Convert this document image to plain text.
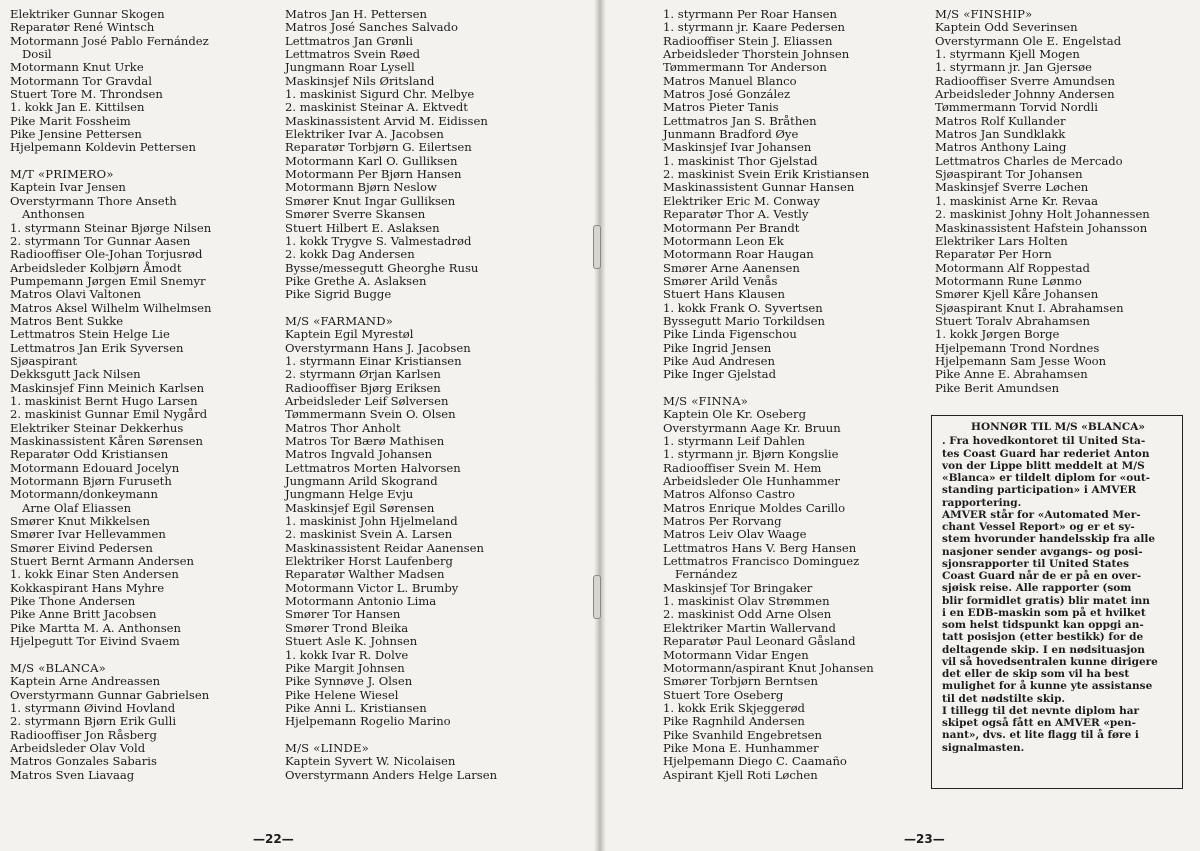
Elektriker Gunnar Skogen
Reparatør René Wintsch
Motormann José Pablo Fernández
Dosil
Motormann Knut Urke
Motormann Tor Gravdal
Stuert Tore M. Throndsen
1. kokk Jan E. Kittilsen
Pike Marit Fossheim
Pike Jensine Pettersen
Hjelpemann Koldevin Pettersen
M/T «PRIMERO»
Kaptein Ivar Jensen
Overstyrmann Thore Anseth
Anthonsen
1. styrmann Steinar Bjørge Nilsen
2. styrmann Tor Gunnar Aasen
Radiooffiser Ole-Johan Torjusrød
Arbeidsleder Kolbjørn Åmodt
Pumpemann Jørgen Emil Snemyr
Matros Olavi Valtonen
Matros Aksel Wilhelm Wilhelmsen
Matros Bent Sukke
Lettmatros Stein Helge Lie
Lettmatros Jan Erik Syversen
Sjøaspirant
Dekksgutt Jack Nilsen
Maskinsjef Finn Meinich Karlsen
1. maskinist Bernt Hugo Larsen
2. maskinist Gunnar Emil Nygård
Elektriker Steinar Dekkerhus
Maskinassistent Kåren Sørensen
Reparatør Odd Kristiansen
Motormann Edouard Jocelyn
Motormann Bjørn Furuseth
Motormann/donkeymann
Arne Olaf Eliassen
Smører Knut Mikkelsen
Smører Ivar Hellevammen
Smører Eivind Pedersen
Stuert Bernt Armann Andersen
1. kokk Einar Sten Andersen
Kokkaspirant Hans Myhre
Pike Thone Andersen
Pike Anne Britt Jacobsen
Pike Martta M. A. Anthonsen
Hjelpegutt Tor Eivind Svaem
M/S «BLANCA»
Kaptein Arne Andreassen
Overstyrmann Gunnar Gabrielsen
1. styrmann Øivind Hovland
2. styrmann Bjørn Erik Gulli
Radiooffiser Jon Råsberg
Arbeidsleder Olav Vold
Matros Gonzales Sabaris
Matros Sven Liavaag
Matros Jan H. Pettersen
Matros José Sanches Salvado
Lettmatros Jan Grønli
Lettmatros Svein Røed
Jungmann Roar Lysell
Maskinsjef Nils Øritsland
1. maskinist Sigurd Chr. Melbye
2. maskinist Steinar A. Ektvedt
Maskinassistent Arvid M. Eidissen
Elektriker Ivar A. Jacobsen
Reparatør Torbjørn G. Eilertsen
Motormann Karl O. Gulliksen
Motormann Per Bjørn Hansen
Motormann Bjørn Neslow
Smører Knut Ingar Gulliksen
Smører Sverre Skansen
Stuert Hilbert E. Aslaksen
1. kokk Trygve S. Valmestadrød
2. kokk Dag Andersen
Bysse/messegutt Gheorghe Rusu
Pike Grethe A. Aslaksen
Pike Sigrid Bugge
M/S «FARMAND»
Kaptein Egil Myrestøl
Overstyrmann Hans J. Jacobsen
1. styrmann Einar Kristiansen
2. styrmann Ørjan Karlsen
Radiooffiser Bjørg Eriksen
Arbeidsleder Leif Sølversen
Tømmermann Svein O. Olsen
Matros Thor Anholt
Matros Tor Bærø Mathisen
Matros Ingvald Johansen
Lettmatros Morten Halvorsen
Jungmann Arild Skogrand
Jungmann Helge Evju
Maskinsjef Egil Sørensen
1. maskinist John Hjelmeland
2. maskinist Svein A. Larsen
Maskinassistent Reidar Aanensen
Elektriker Horst Laufenberg
Reparatør Walther Madsen
Motormann Victor L. Brumby
Motormann Antonio Lima
Smører Tor Hansen
Smører Trond Bleika
Stuert Asle K. Johnsen
1. kokk Ivar R. Dolve
Pike Margit Johnsen
Pike Synnøve J. Olsen
Pike Helene Wiesel
Pike Anni L. Kristiansen
Hjelpemann Rogelio Marino
M/S «LINDE»
Kaptein Syvert W. Nicolaisen
Overstyrmann Anders Helge Larsen
1. styrmann Per Roar Hansen
1. styrmann jr. Kaare Pedersen
Radiooffiser Stein J. Eliassen
Arbeidsleder Thorstein Johnsen
Tømmermann Tor Anderson
Matros Manuel Blanco
Matros José González
Matros Pieter Tanis
Lettmatros Jan S. Bråthen
Junmann Bradford Øye
Maskinsjef Ivar Johansen
1. maskinist Thor Gjelstad
2. maskinist Svein Erik Kristiansen
Maskinassistent Gunnar Hansen
Elektriker Eric M. Conway
Reparatør Thor A. Vestly
Motormann Per Brandt
Motormann Leon Ek
Motormann Roar Haugan
Smører Arne Aanensen
Smører Arild Venås
Stuert Hans Klausen
1. kokk Frank O. Syvertsen
Byssegutt Mario Torkildsen
Pike Linda Figenschou
Pike Ingrid Jensen
Pike Aud Andresen
Pike Inger Gjelstad
M/S «FINNA»
Kaptein Ole Kr. Oseberg
Overstyrmann Aage Kr. Bruun
1. styrmann Leif Dahlen
1. styrmann jr. Bjørn Kongslie
Radiooffiser Svein M. Hem
Arbeidsleder Ole Hunhammer
Matros Alfonso Castro
Matros Enrique Moldes Carillo
Matros Per Rorvang
Matros Leiv Olav Waage
Lettmatros Hans V. Berg Hansen
Lettmatros Francisco Dominguez
Fernández
Maskinsjef Tor Bringaker
1. maskinist Olav Strømmen
2. maskinist Odd Arne Olsen
Elektriker Martin Wallervand
Reparatør Paul Leonard Gåsland
Motormann Vidar Engen
Motormann/aspirant Knut Johansen
Smører Torbjørn Berntsen
Stuert Tore Oseberg
1. kokk Erik Skjeggerød
Pike Ragnhild Andersen
Pike Svanhild Engebretsen
Pike Mona E. Hunhammer
Hjelpemann Diego C. Caamaño
Aspirant Kjell Roti Løchen
M/S «FINSHIP»
Kaptein Odd Severinsen
Overstyrmann Ole E. Engelstad
1. styrmann Kjell Mogen
1. styrmann jr. Jan Gjersøe
Radiooffiser Sverre Amundsen
Arbeidsleder Johnny Andersen
Tømmermann Torvid Nordli
Matros Rolf Kullander
Matros Jan Sundklakk
Matros Anthony Laing
Lettmatros Charles de Mercado
Sjøaspirant Tor Johansen
Maskinsjef Sverre Løchen
1. maskinist Arne Kr. Revaa
2. maskinist Johny Holt Johannessen
Maskinassistent Hafstein Johansson
Elektriker Lars Holten
Reparatør Per Horn
Motormann Alf Roppestad
Motormann Rune Lønmo
Smører Kjell Kåre Johansen
Sjøaspirant Knut I. Abrahamsen
Stuert Toralv Abrahamsen
1. kokk Jørgen Borge
Hjelpemann Trond Nordnes
Hjelpemann Sam Jesse Woon
Pike Anne E. Abrahamsen
Pike Berit Amundsen
HONNØR TIL M/S «BLANCA»

. Fra hovedkontoret til United Sta-

tes Coast Guard har rederiet Anton

von der Lippe blitt meddelt at M/S

«Blanca» er tildelt diplom for «out-

standing participation» i AMVER

rapportering.

AMVER står for «Automated Mer-

chant Vessel Report» og er et sy-

stem hvorunder handelsskip fra alle

nasjoner sender avgangs- og posi-

sjonsrapporter til United States

Coast Guard når de er på en over-

sjøisk reise. Alle rapporter (som

blir formidlet gratis) blir matet inn

i en EDB-maskin som på et hvilket

som helst tidspunkt kan oppgi an-

tatt posisjon (etter bestikk) for de

deltagende skip. I en nødsituasjon

vil så hovedsentralen kunne dirigere

det eller de skip som vil ha best

mulighet for å kunne yte assistanse

til det nødstilte skip.

I tillegg til det nevnte diplom har

skipet også fått en AMVER «pen-

nant», dvs. et lite flagg til å føre i

signalmasten.

—22—	—23—
